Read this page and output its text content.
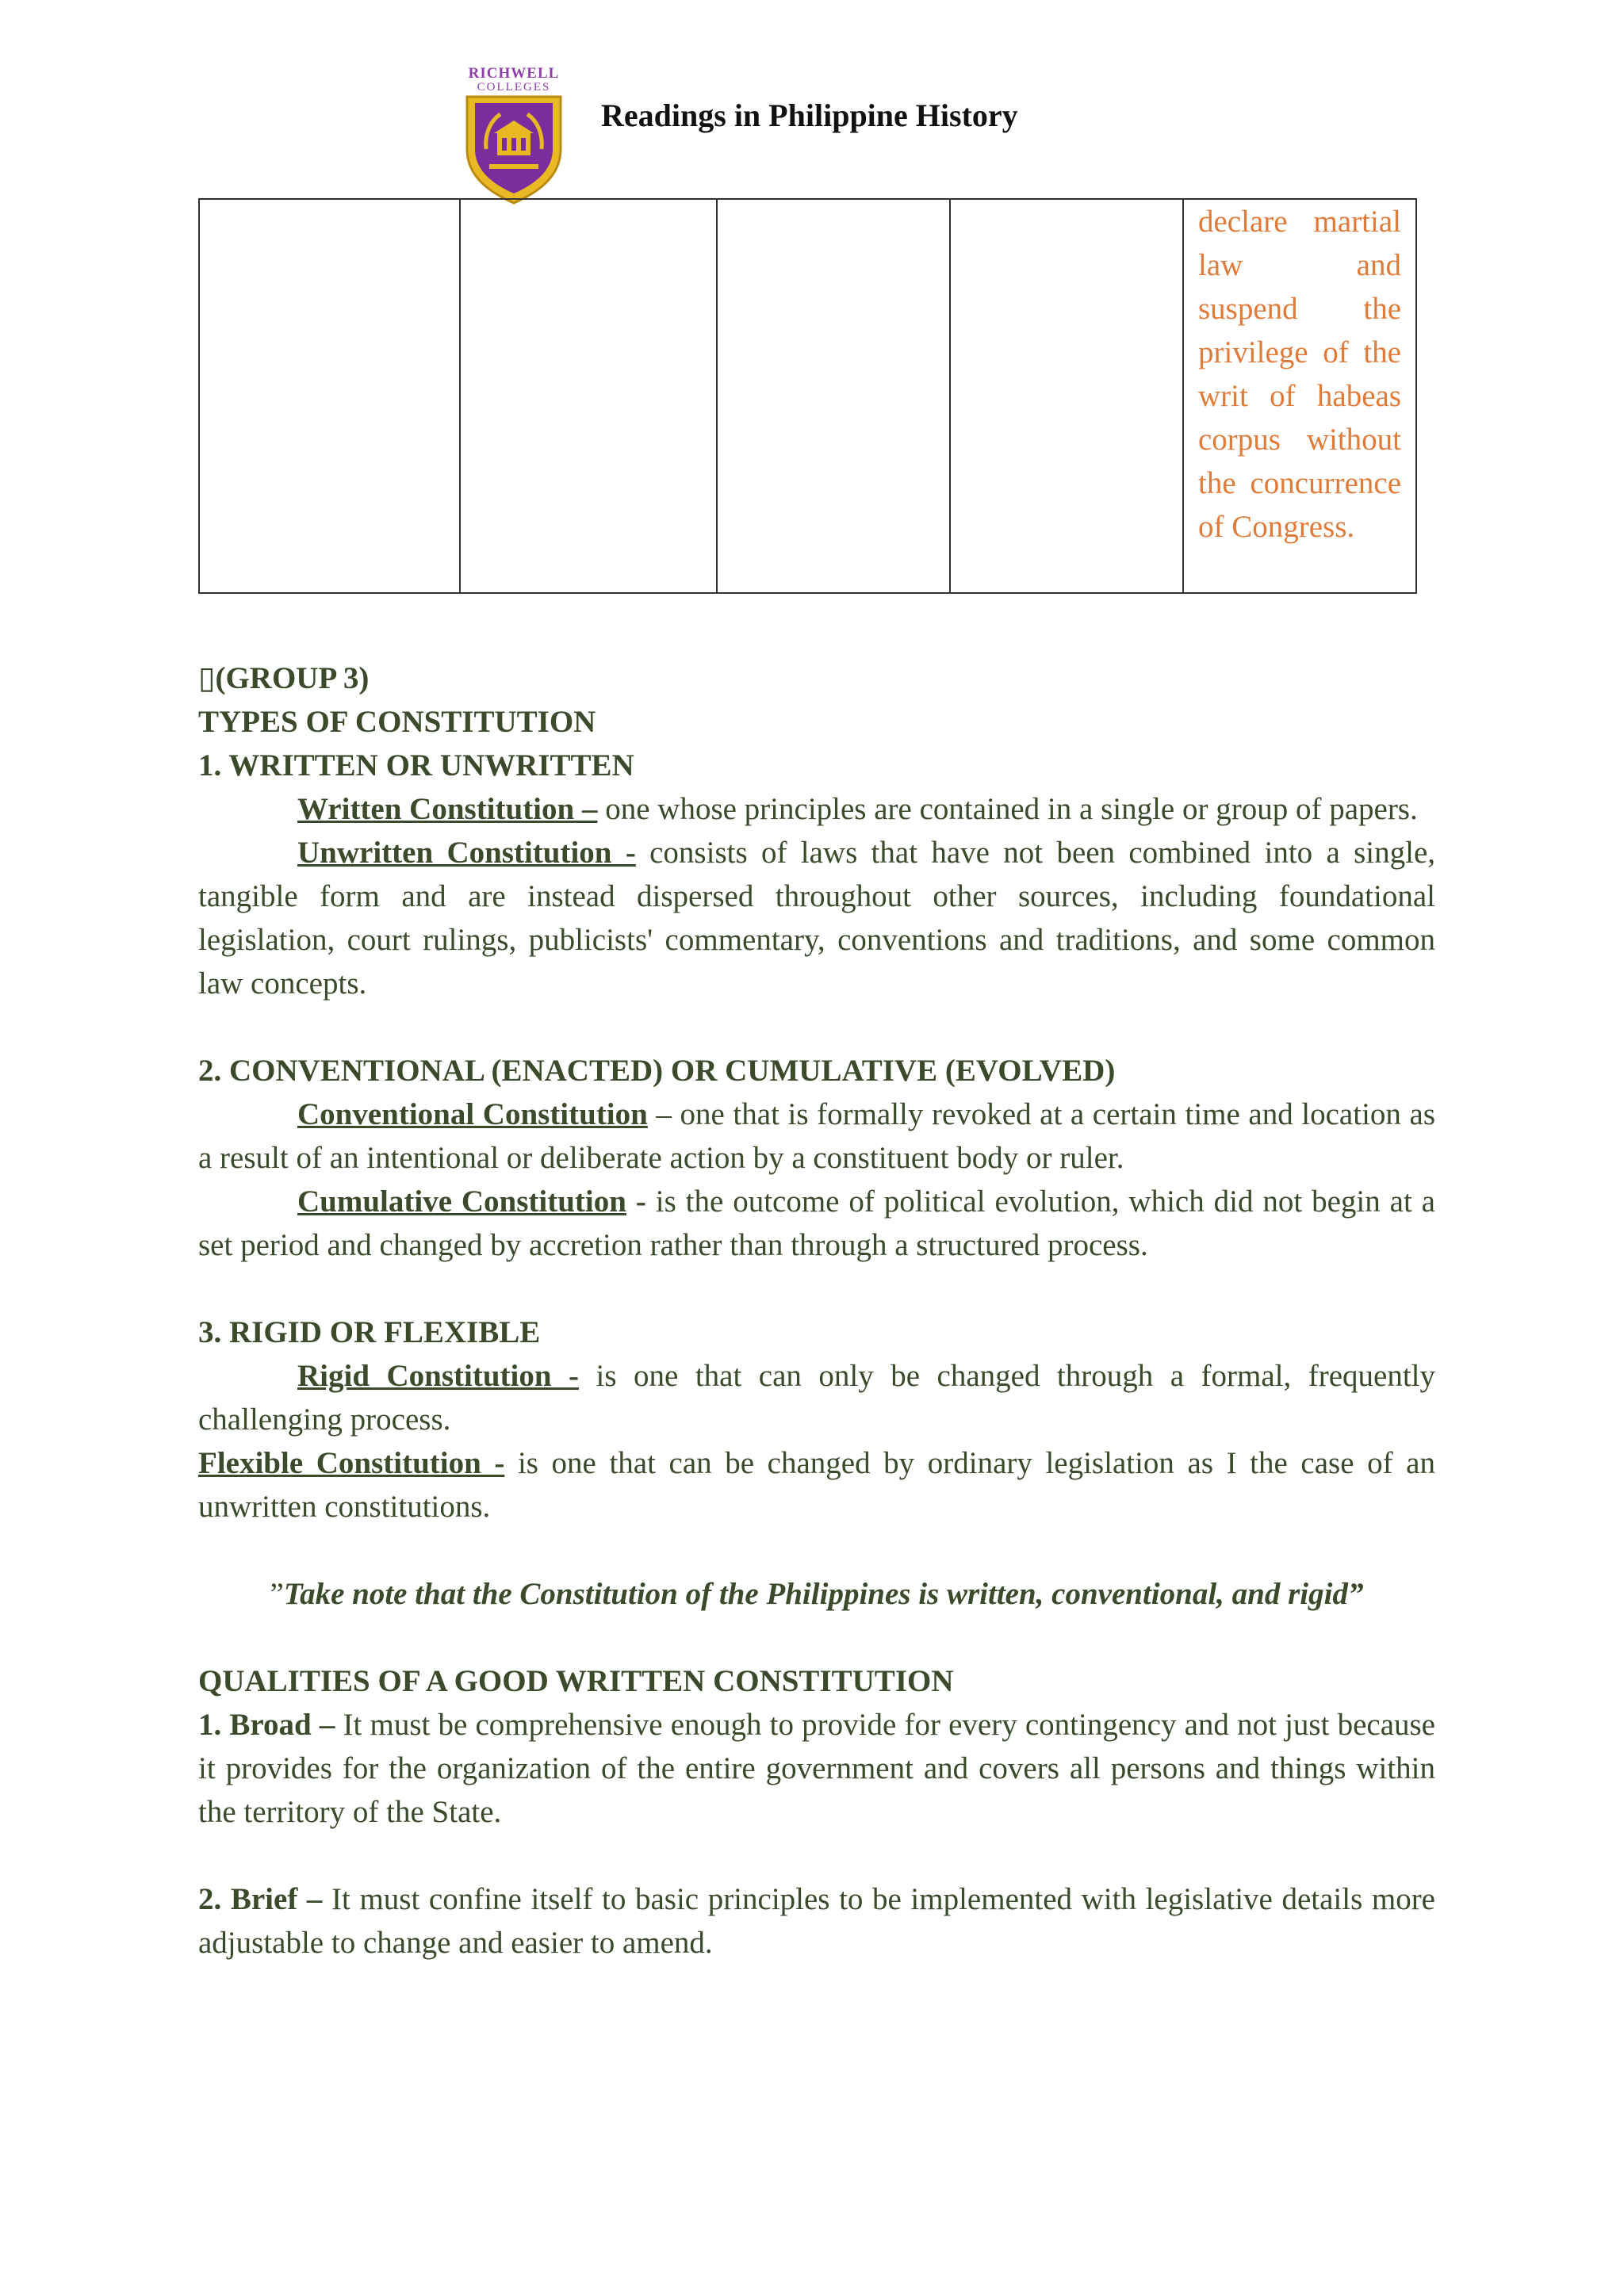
RICHWELL
COLLEGES
Readings in Philippine History

declare martial law and suspend the privilege of the writ of habeas corpus without the concurrence of Congress.

▯(GROUP 3)

TYPES OF CONSTITUTION

1. WRITTEN OR UNWRITTEN

Written Constitution – one whose principles are contained in a single or group of papers.

Unwritten Constitution - consists of laws that have not been combined into a single, tangible form and are instead dispersed throughout other sources, including foundational legislation, court rulings, publicists' commentary, conventions and traditions, and some common law concepts.

2. CONVENTIONAL (ENACTED) OR CUMULATIVE (EVOLVED)

Conventional Constitution – one that is formally revoked at a certain time and location as a result of an intentional or deliberate action by a constituent body or ruler.

Cumulative Constitution - is the outcome of political evolution, which did not begin at a set period and changed by accretion rather than through a structured process.

3. RIGID OR FLEXIBLE

Rigid Constitution - is one that can only be changed through a formal, frequently challenging process.

Flexible Constitution - is one that can be changed by ordinary legislation as I the case of an unwritten constitutions.

”Take note that the Constitution of the Philippines is written, conventional, and rigid”

QUALITIES OF A GOOD WRITTEN CONSTITUTION

1. Broad – It must be comprehensive enough to provide for every contingency and not just because it provides for the organization of the entire government and covers all persons and things within the territory of the State.

2. Brief – It must confine itself to basic principles to be implemented with legislative details more adjustable to change and easier to amend.
